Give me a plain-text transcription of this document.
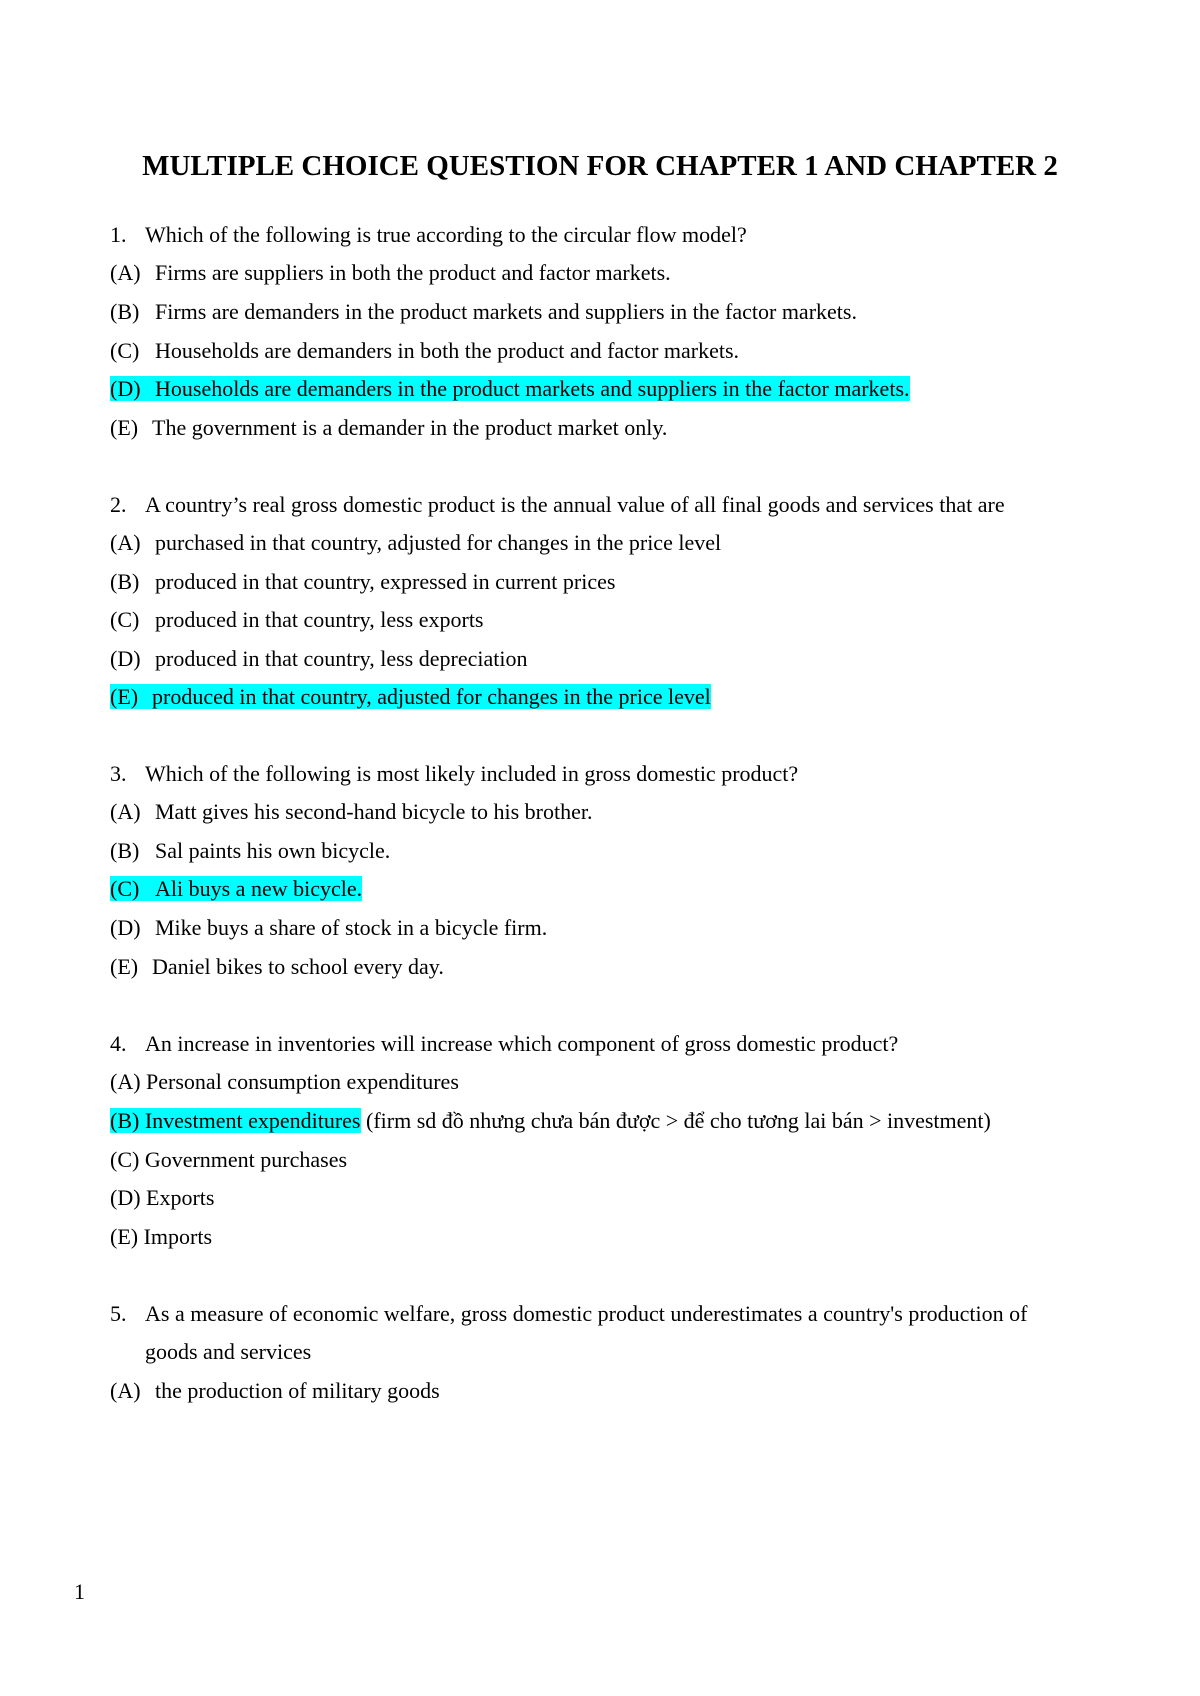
MULTIPLE CHOICE QUESTION FOR CHAPTER 1 AND CHAPTER 2

1. Which of the following is true according to the circular flow model?

(A) Firms are suppliers in both the product and factor markets.

(B) Firms are demanders in the product markets and suppliers in the factor markets.

(C) Households are demanders in both the product and factor markets.

(D) Households are demanders in the product markets and suppliers in the factor markets.

(E) The government is a demander in the product market only.

2. A country’s real gross domestic product is the annual value of all final goods and services that are

(A) purchased in that country, adjusted for changes in the price level

(B) produced in that country, expressed in current prices

(C) produced in that country, less exports

(D) produced in that country, less depreciation

(E) produced in that country, adjusted for changes in the price level

3. Which of the following is most likely included in gross domestic product?

(A) Matt gives his second-hand bicycle to his brother.

(B) Sal paints his own bicycle.

(C) Ali buys a new bicycle.

(D) Mike buys a share of stock in a bicycle firm.

(E) Daniel bikes to school every day.

4. An increase in inventories will increase which component of gross domestic product?

(A) Personal consumption expenditures

(B) Investment expenditures (firm sd đồ nhưng chưa bán được > để cho tương lai bán > investment)

(C) Government purchases

(D) Exports

(E) Imports

5. As a measure of economic welfare, gross domestic product underestimates a country's production of

goods and services

(A) the production of military goods

1
